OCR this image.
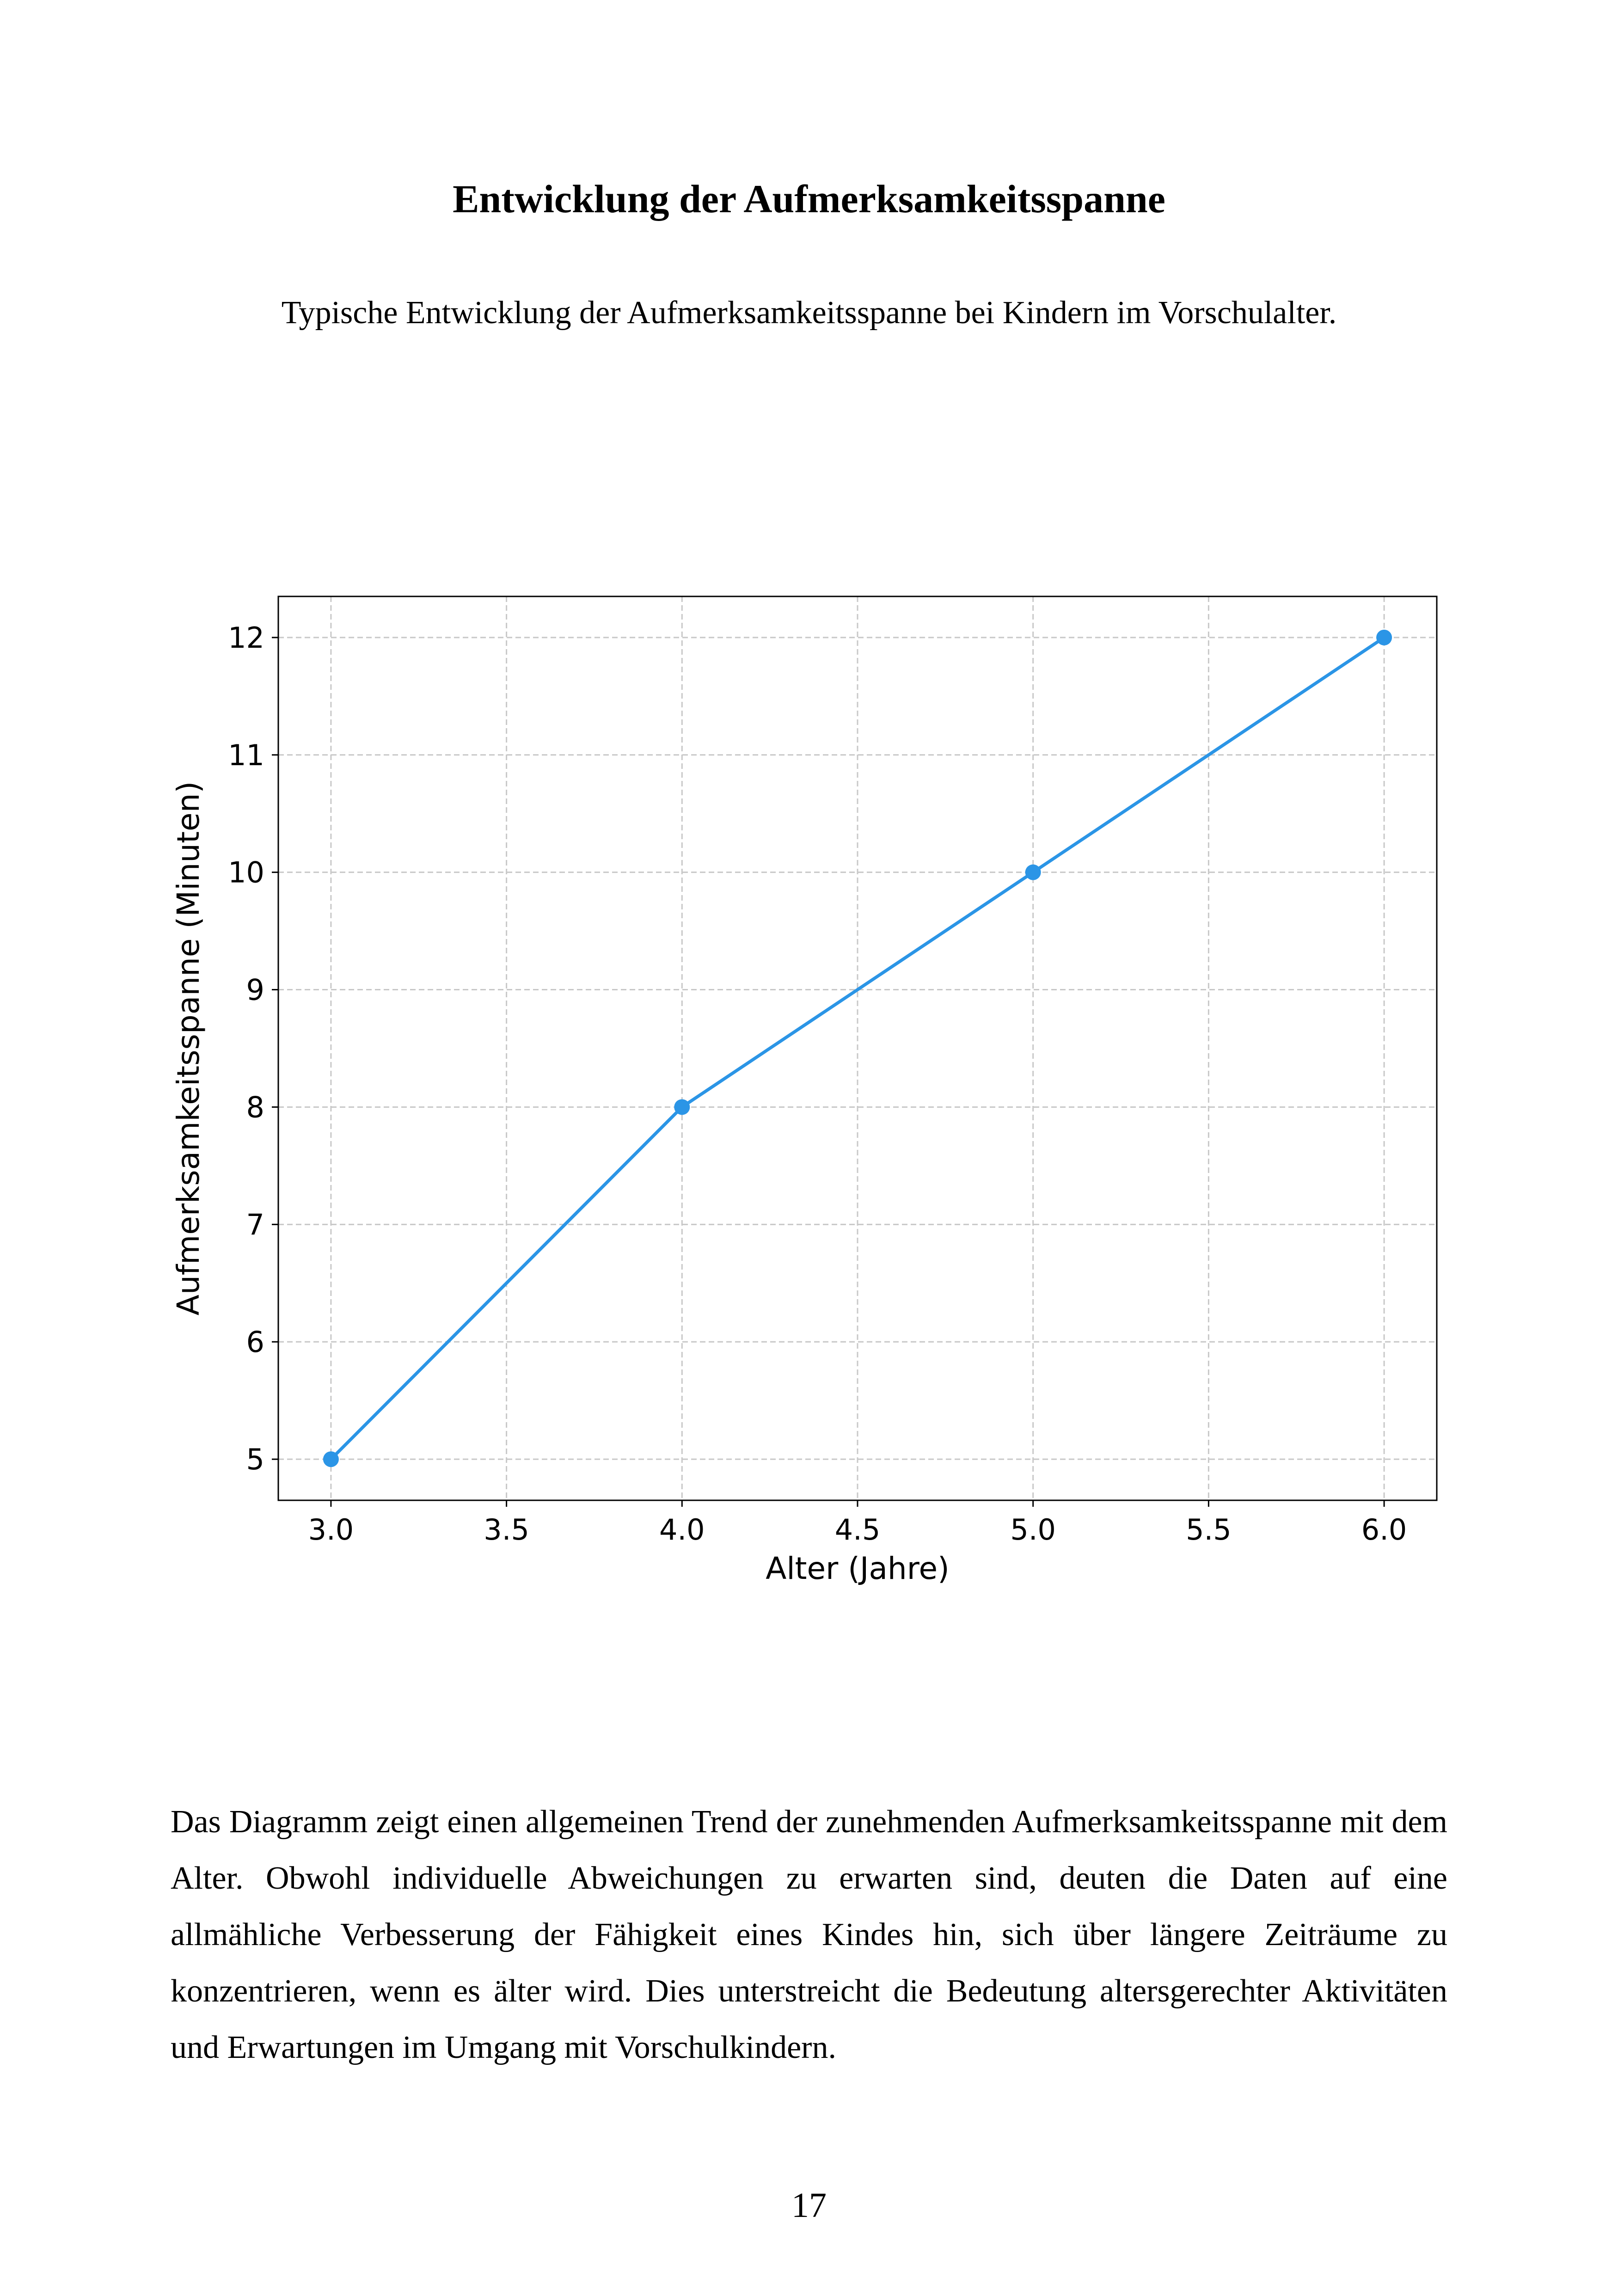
Entwicklung der Aufmerksamkeitsspanne
Typische Entwicklung der Aufmerksamkeitsspanne bei Kindern im Vorschulalter.
3.0	3.5	4.0	4.5	5.0	5.5	6.0
5
6
7
8
9
10
11
12
Alter (Jahre)
Aufmerksamkeitsspanne (Minuten)
Das Diagramm zeigt einen allgemeinen Trend der zunehmenden Aufmerksamkeitsspanne mit dem Alter. Obwohl individuelle Abweichungen zu erwarten sind, deuten die Daten auf eine allmähliche Verbesserung der Fähigkeit eines Kindes hin, sich über längere Zeiträume zu konzentrieren, wenn es älter wird. Dies unterstreicht die Bedeutung altersgerechter Aktivitäten und Erwartungen im Umgang mit Vorschulkindern.
17
